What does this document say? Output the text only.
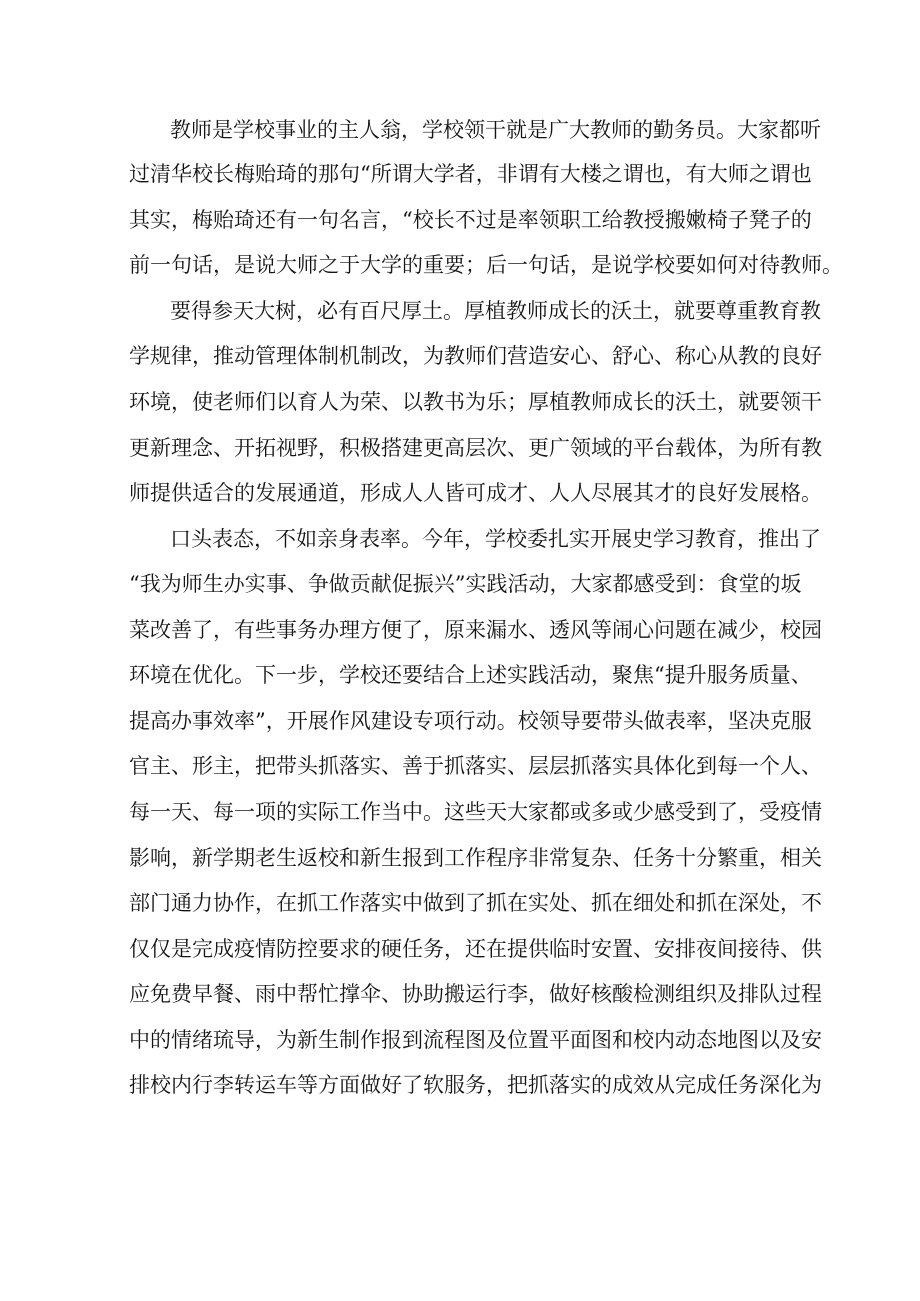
教师是学校事业的主人翁，学校领干就是广大教师的勤务员。大家都听
过清华校长梅贻琦的那句“所谓大学者，非谓有大楼之谓也，有大师之谓也
其实，梅贻琦还有一句名言，“校长不过是率领职工给教授搬嫩椅子凳子的
前一句话，是说大师之于大学的重要；后一句话，是说学校要如何对待教师。
要得参天大树，必有百尺厚土。厚植教师成长的沃土，就要尊重教育教
学规律，推动管理体制机制改，为教师们营造安心、舒心、称心从教的良好
环境，使老师们以育人为荣、以教书为乐；厚植教师成长的沃土，就要领干
更新理念、开拓视野，积极搭建更高层次、更广领域的平台载体，为所有教
师提供适合的发展通道，形成人人皆可成才、人人尽展其才的良好发展格。
口头表态，不如亲身表率。今年，学校委扎实开展史学习教育，推出了
“我为师生办实事、争做贡献促振兴”实践活动，大家都感受到：食堂的坂
菜改善了，有些事务办理方便了，原来漏水、透风等闹心问题在减少，校园
环境在优化。下一步，学校还要结合上述实践活动，聚焦“提升服务质量、
提高办事效率”，开展作风建设专项行动。校领导要带头做表率，坚决克服
官主、形主，把带头抓落实、善于抓落实、层层抓落实具体化到每一个人、
每一天、每一项的实际工作当中。这些天大家都或多或少感受到了，受疫情
影响，新学期老生返校和新生报到工作程序非常复杂、任务十分繁重，相关
部门通力协作，在抓工作落实中做到了抓在实处、抓在细处和抓在深处，不
仅仅是完成疫情防控要求的硬任务，还在提供临时安置、安排夜间接待、供
应免费早餐、雨中帮忙撑伞、协助搬运行李，做好核酸检测组织及排队过程
中的情绪琉导，为新生制作报到流程图及位置平面图和校内动态地图以及安
排校内行李转运车等方面做好了软服务，把抓落实的成效从完成任务深化为
